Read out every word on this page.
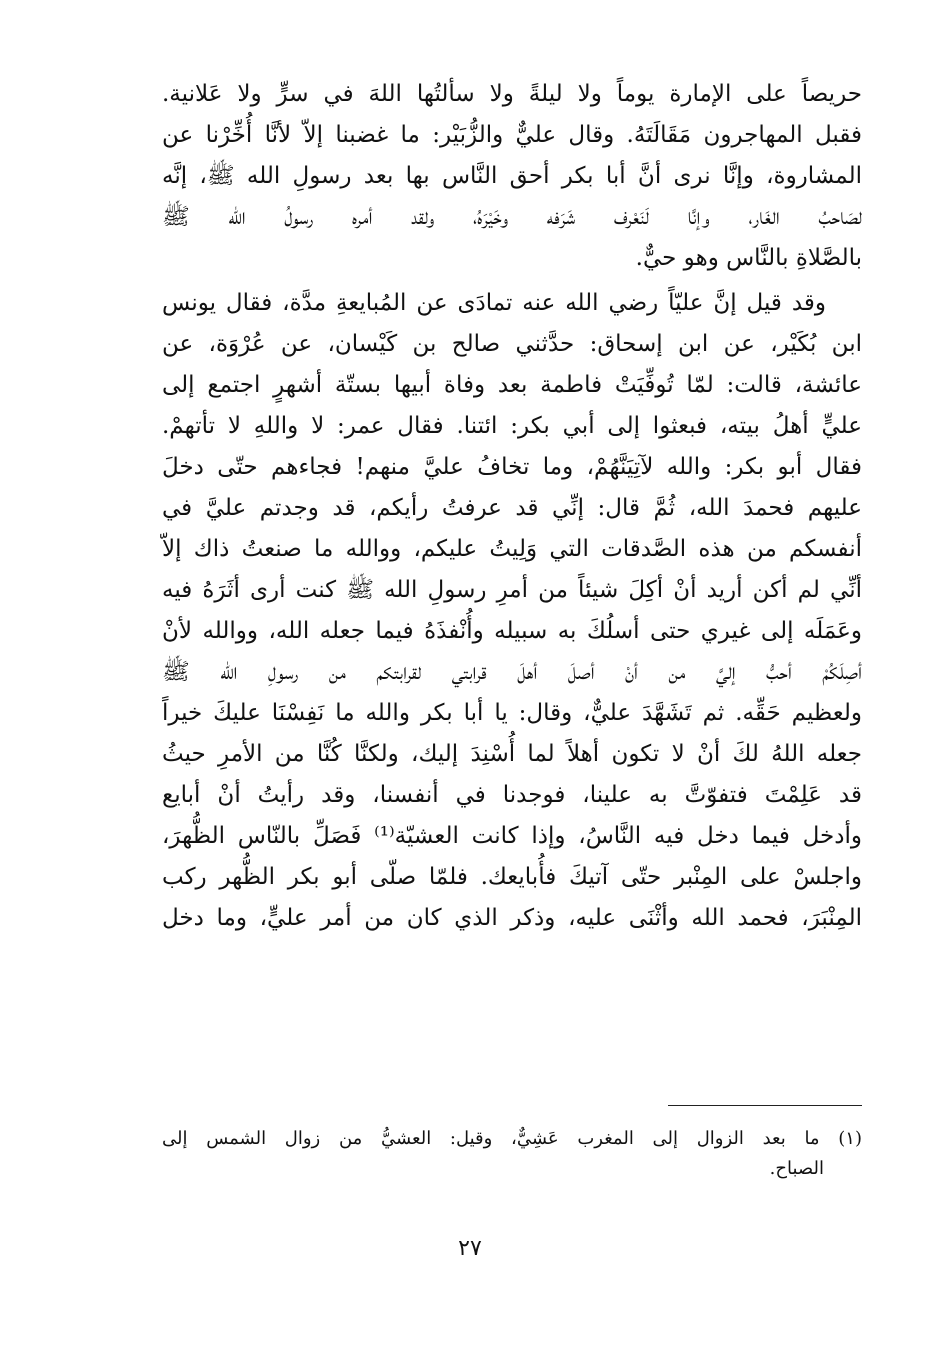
حريصاً على الإمارة يوماً ولا ليلةً ولا سألتُها اللهَ في سرٍّ ولا عَلانية.
فقبل المهاجرون مَقَالَتَهُ. وقال عليٌّ والزُّبَيْر: ما غضبنا إلاّ لأنَّا أُخِّرْنا عن
المشاروة، وإنَّا نرى أنَّ أبا بكر أحق النَّاس بها بعد رسولِ الله ﷺ، إنَّه
لصَاحبُ الغَار، وإنَّا لَنَعْرف شَرَفه وخَيْرَهُ، ولقد أمره رسولُ الله ﷺ
بالصَّلاةِ بالنَّاس وهو حيٌّ.
وقد قيل إنَّ عليّاً رضي الله عنه تمادَى عن المُبايعةِ مدَّة، فقال يونس
ابن بُكَيْر، عن ابن إسحاق: حدَّثني صالح بن كَيْسان، عن عُرْوَة، عن
عائشة، قالت: لمّا تُوفِّيَتْ فاطمة بعد وفاة أبيها بستّة أشهرٍ اجتمع إلى
عليٍّ أهلُ بيته، فبعثوا إلى أبي بكر: ائتنا. فقال عمر: لا واللهِ لا تأتهمْ.
فقال أبو بكر: والله لآتِيَنَّهُمْ، وما تخافُ عليَّ منهم! فجاءهم حتّى دخلَ
عليهم فحمدَ الله، ثُمَّ قال: إنِّي قد عرفتُ رأيكم، قد وجدتم عليَّ في
أنفسكم من هذه الصَّدقات التي وَلِيتُ عليكم، ووالله ما صنعتُ ذاك إلاّ
أنِّي لم أكن أريد أنْ أكِلَ شيئاً من أمرِ رسولِ الله ﷺ كنت أرى أثَرَهُ فيه
وعَمَلَه إلى غيري حتى أسلُكَ به سبيله وأُنْفذَهُ فيما جعله الله، ووالله لأنْ
أصِلَكُمْ أحبُّ إليَّ من أنْ أصلَ أهلَ قرابتي لقرابتكم من رسولِ الله ﷺ
ولعظيم حَقِّه. ثم تَشَهَّدَ عليٌّ، وقال: يا أبا بكر والله ما نَفِسْنَا عليكَ خيراً
جعله اللهُ لكَ أنْ لا تكون أهلاً لما أُسْنِدَ إليك، ولكنَّا كُنَّا من الأمرِ حيثُ
قد عَلِمْتَ فتفوّتَّ به علينا، فوجدنا في أنفسنا، وقد رأيتُ أنْ أبايع
وأدخل فيما دخل فيه النَّاسُ، وإذا كانت العشيّة⁽¹⁾ فَصَلِّ بالنّاس الظُّهرَ،
واجلسْ على المِنْبر حتّى آتيكَ فأُبايعك. فلمّا صلّى أبو بكر الظُّهر ركب
المِنْبَرَ، فحمد الله وأثْنَى عليه، وذكر الذي كان من أمر عليٍّ، وما دخل
(١) ما بعد الزوال إلى المغرب عَشِيٌّ، وقيل: العشيُّ من زوال الشمس إلى
الصباح.
٢٧
